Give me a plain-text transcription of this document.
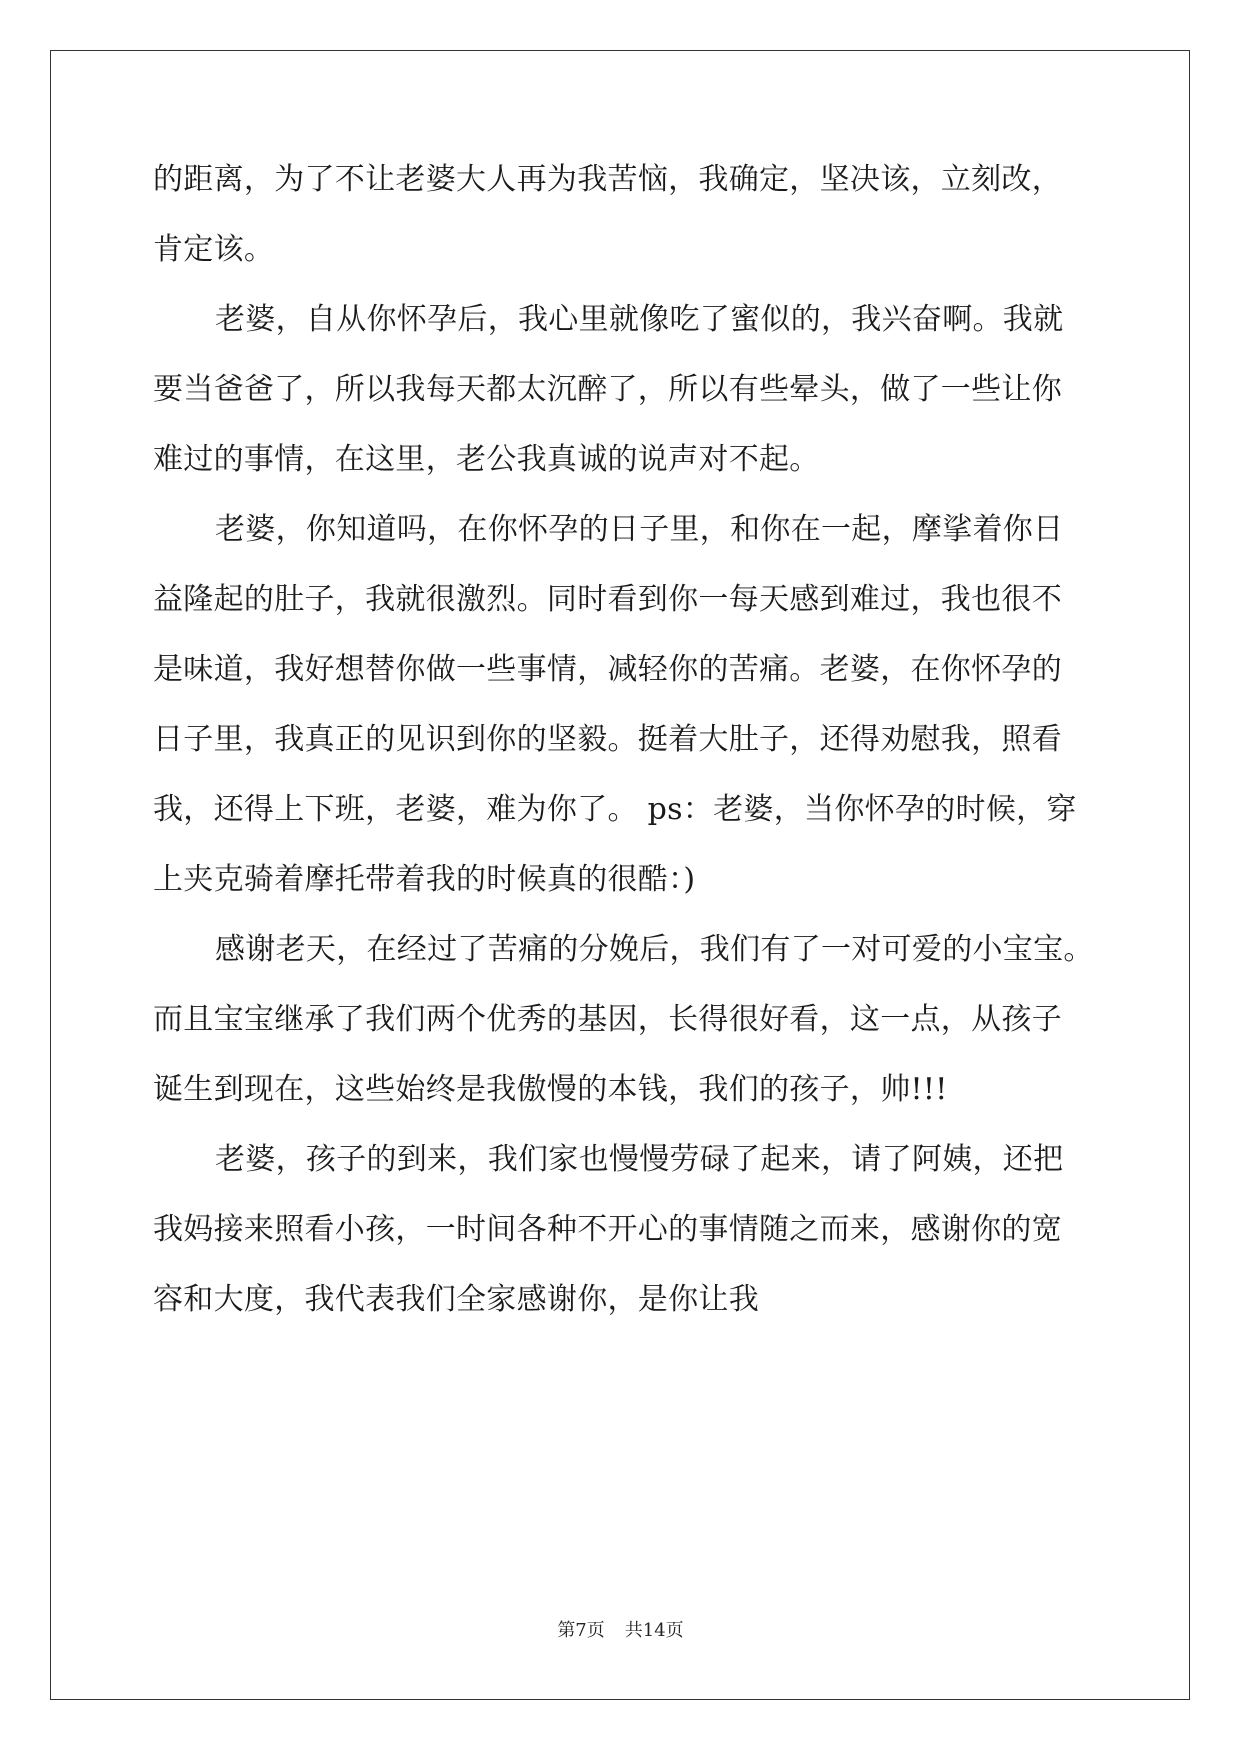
的距离，为了不让老婆大人再为我苦恼，我确定，坚决该，立刻改，
肯定该。
老婆，自从你怀孕后，我心里就像吃了蜜似的，我兴奋啊。我就
要当爸爸了，所以我每天都太沉醉了，所以有些晕头，做了一些让你
难过的事情，在这里，老公我真诚的说声对不起。
老婆，你知道吗，在你怀孕的日子里，和你在一起，摩挲着你日
益隆起的肚子，我就很激烈。同时看到你一每天感到难过，我也很不
是味道，我好想替你做一些事情，减轻你的苦痛。老婆，在你怀孕的
日子里，我真正的见识到你的坚毅。挺着大肚子，还得劝慰我，照看
我，还得上下班，老婆，难为你了。 ps：老婆，当你怀孕的时候，穿
上夹克骑着摩托带着我的时候真的很酷：)
感谢老天，在经过了苦痛的分娩后，我们有了一对可爱的小宝宝。
而且宝宝继承了我们两个优秀的基因，长得很好看，这一点，从孩子
诞生到现在，这些始终是我傲慢的本钱，我们的孩子，帅!!!
老婆，孩子的到来，我们家也慢慢劳碌了起来，请了阿姨，还把
我妈接来照看小孩，一时间各种不开心的事情随之而来，感谢你的宽
容和大度，我代表我们全家感谢你，是你让我
第7页 共14页
